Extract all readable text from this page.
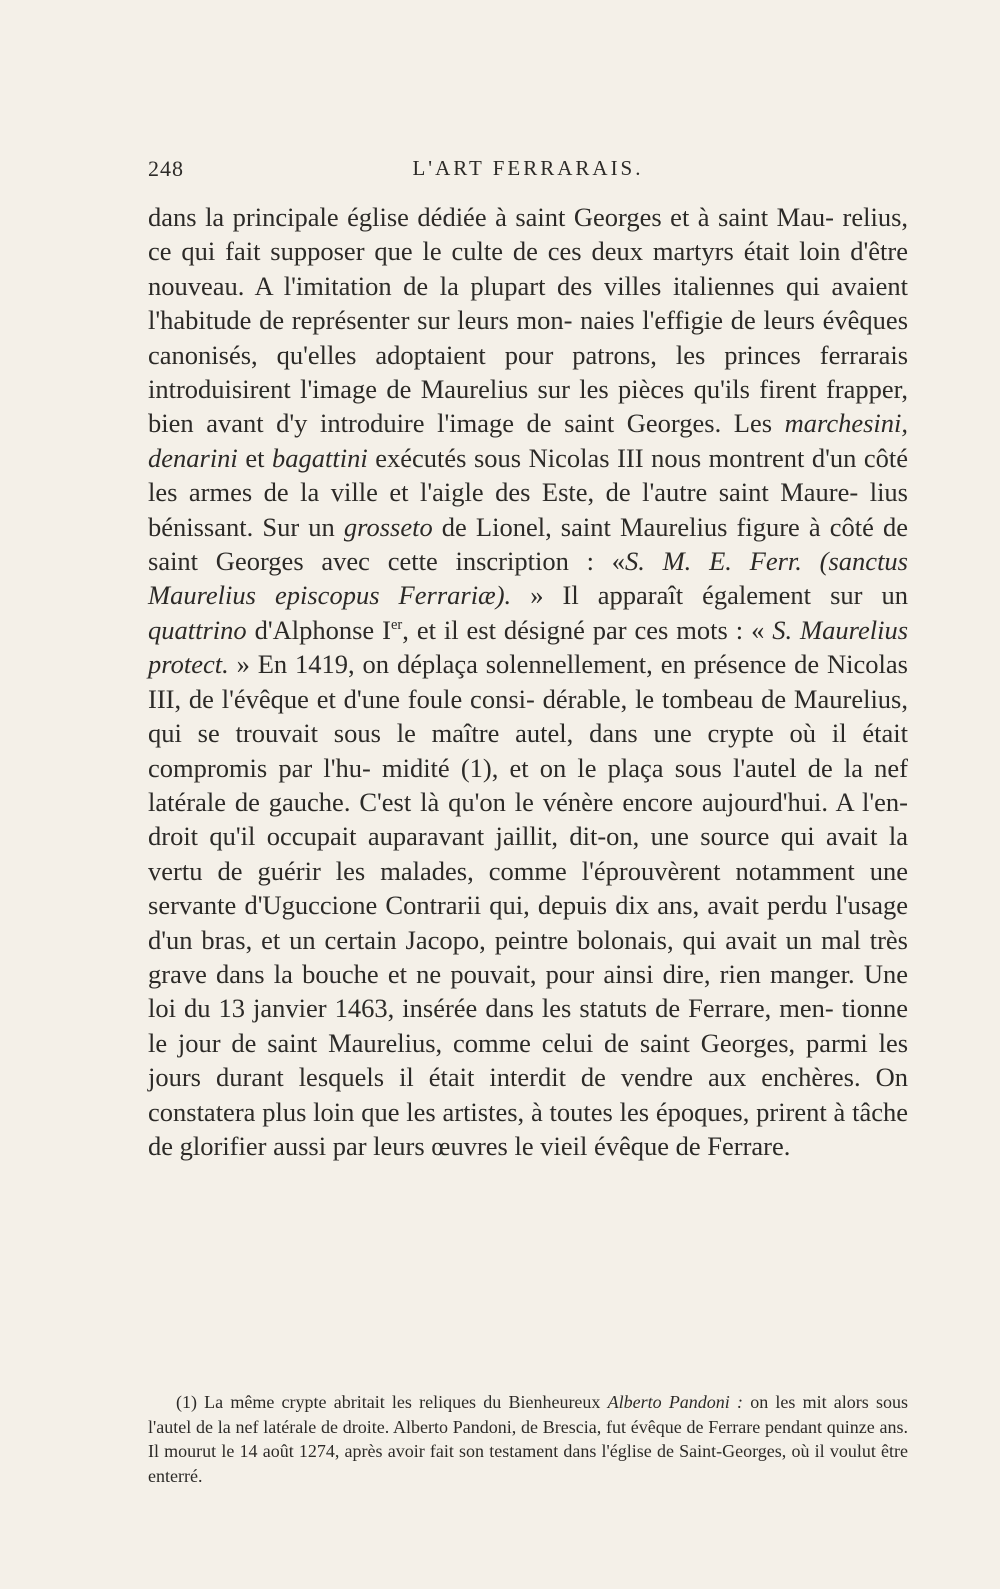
248	L'ART FERRARAIS.

dans la principale église dédiée à saint Georges et à saint Mau- relius, ce qui fait supposer que le culte de ces deux martyrs était loin d'être nouveau. A l'imitation de la plupart des villes italiennes qui avaient l'habitude de représenter sur leurs mon- naies l'effigie de leurs évêques canonisés, qu'elles adoptaient pour patrons, les princes ferrarais introduisirent l'image de Maurelius sur les pièces qu'ils firent frapper, bien avant d'y introduire l'image de saint Georges. Les marchesini, denarini et bagattini exécutés sous Nicolas III nous montrent d'un côté les armes de la ville et l'aigle des Este, de l'autre saint Maure- lius bénissant. Sur un grosseto de Lionel, saint Maurelius figure à côté de saint Georges avec cette inscription : «S. M. E. Ferr. (sanctus Maurelius episcopus Ferrariæ). » Il apparaît également sur un quattrino d'Alphonse Ier, et il est désigné par ces mots : « S. Maurelius protect. » En 1419, on déplaça solennellement, en présence de Nicolas III, de l'évêque et d'une foule consi- dérable, le tombeau de Maurelius, qui se trouvait sous le maître autel, dans une crypte où il était compromis par l'hu- midité (1), et on le plaça sous l'autel de la nef latérale de gauche. C'est là qu'on le vénère encore aujourd'hui. A l'en- droit qu'il occupait auparavant jaillit, dit-on, une source qui avait la vertu de guérir les malades, comme l'éprouvèrent notamment une servante d'Uguccione Contrarii qui, depuis dix ans, avait perdu l'usage d'un bras, et un certain Jacopo, peintre bolonais, qui avait un mal très grave dans la bouche et ne pouvait, pour ainsi dire, rien manger. Une loi du 13 janvier 1463, insérée dans les statuts de Ferrare, men- tionne le jour de saint Maurelius, comme celui de saint Georges, parmi les jours durant lesquels il était interdit de vendre aux enchères. On constatera plus loin que les artistes, à toutes les époques, prirent à tâche de glorifier aussi par leurs œuvres le vieil évêque de Ferrare.

(1) La même crypte abritait les reliques du Bienheureux Alberto Pandoni : on les mit alors sous l'autel de la nef latérale de droite. Alberto Pandoni, de Brescia, fut évêque de Ferrare pendant quinze ans. Il mourut le 14 août 1274, après avoir fait son testament dans l'église de Saint-Georges, où il voulut être enterré.
